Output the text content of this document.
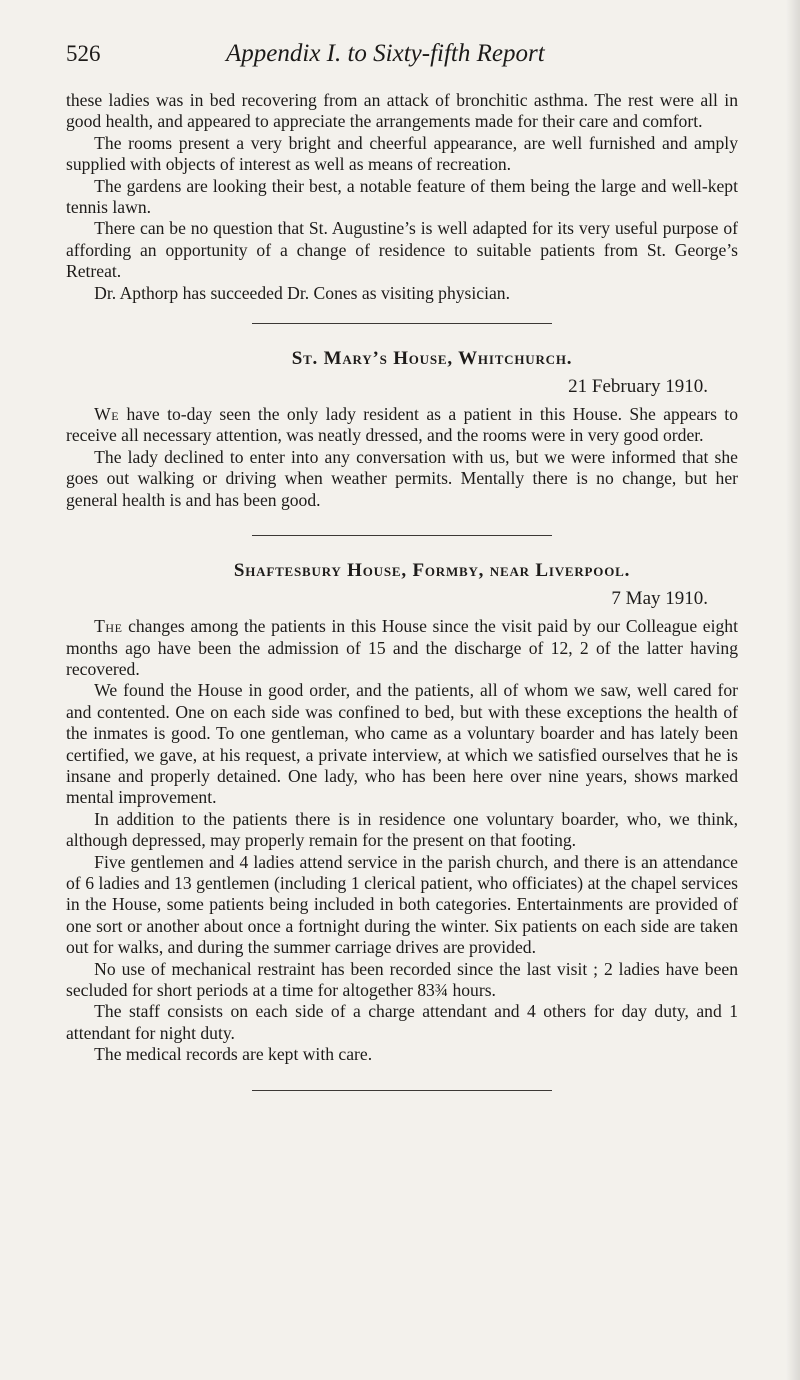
526	Appendix I. to Sixty-fifth Report

these ladies was in bed recovering from an attack of bronchitic asthma. The rest were all in good health, and appeared to appreciate the arrangements made for their care and comfort.

The rooms present a very bright and cheerful appearance, are well furnished and amply supplied with objects of interest as well as means of recreation.

The gardens are looking their best, a notable feature of them being the large and well-kept tennis lawn.

There can be no question that St. Augustine’s is well adapted for its very useful purpose of affording an opportunity of a change of residence to suitable patients from St. George’s Retreat.

Dr. Apthorp has succeeded Dr. Cones as visiting physician.

St. Mary’s House, Whitchurch.
21 February 1910.

We have to-day seen the only lady resident as a patient in this House. She appears to receive all necessary attention, was neatly dressed, and the rooms were in very good order.

The lady declined to enter into any conversation with us, but we were informed that she goes out walking or driving when weather permits. Mentally there is no change, but her general health is and has been good.

Shaftesbury House, Formby, near Liverpool.
7 May 1910.

The changes among the patients in this House since the visit paid by our Colleague eight months ago have been the admission of 15 and the discharge of 12, 2 of the latter having recovered.

We found the House in good order, and the patients, all of whom we saw, well cared for and contented. One on each side was confined to bed, but with these exceptions the health of the inmates is good. To one gentleman, who came as a voluntary boarder and has lately been certified, we gave, at his request, a private interview, at which we satisfied ourselves that he is insane and properly detained. One lady, who has been here over nine years, shows marked mental improvement.

In addition to the patients there is in residence one voluntary boarder, who, we think, although depressed, may properly remain for the present on that footing.

Five gentlemen and 4 ladies attend service in the parish church, and there is an attendance of 6 ladies and 13 gentlemen (including 1 clerical patient, who officiates) at the chapel services in the House, some patients being included in both categories. Entertainments are provided of one sort or another about once a fortnight during the winter. Six patients on each side are taken out for walks, and during the summer carriage drives are provided.

No use of mechanical restraint has been recorded since the last visit ; 2 ladies have been secluded for short periods at a time for altogether 83¾ hours.

The staff consists on each side of a charge attendant and 4 others for day duty, and 1 attendant for night duty.

The medical records are kept with care.
